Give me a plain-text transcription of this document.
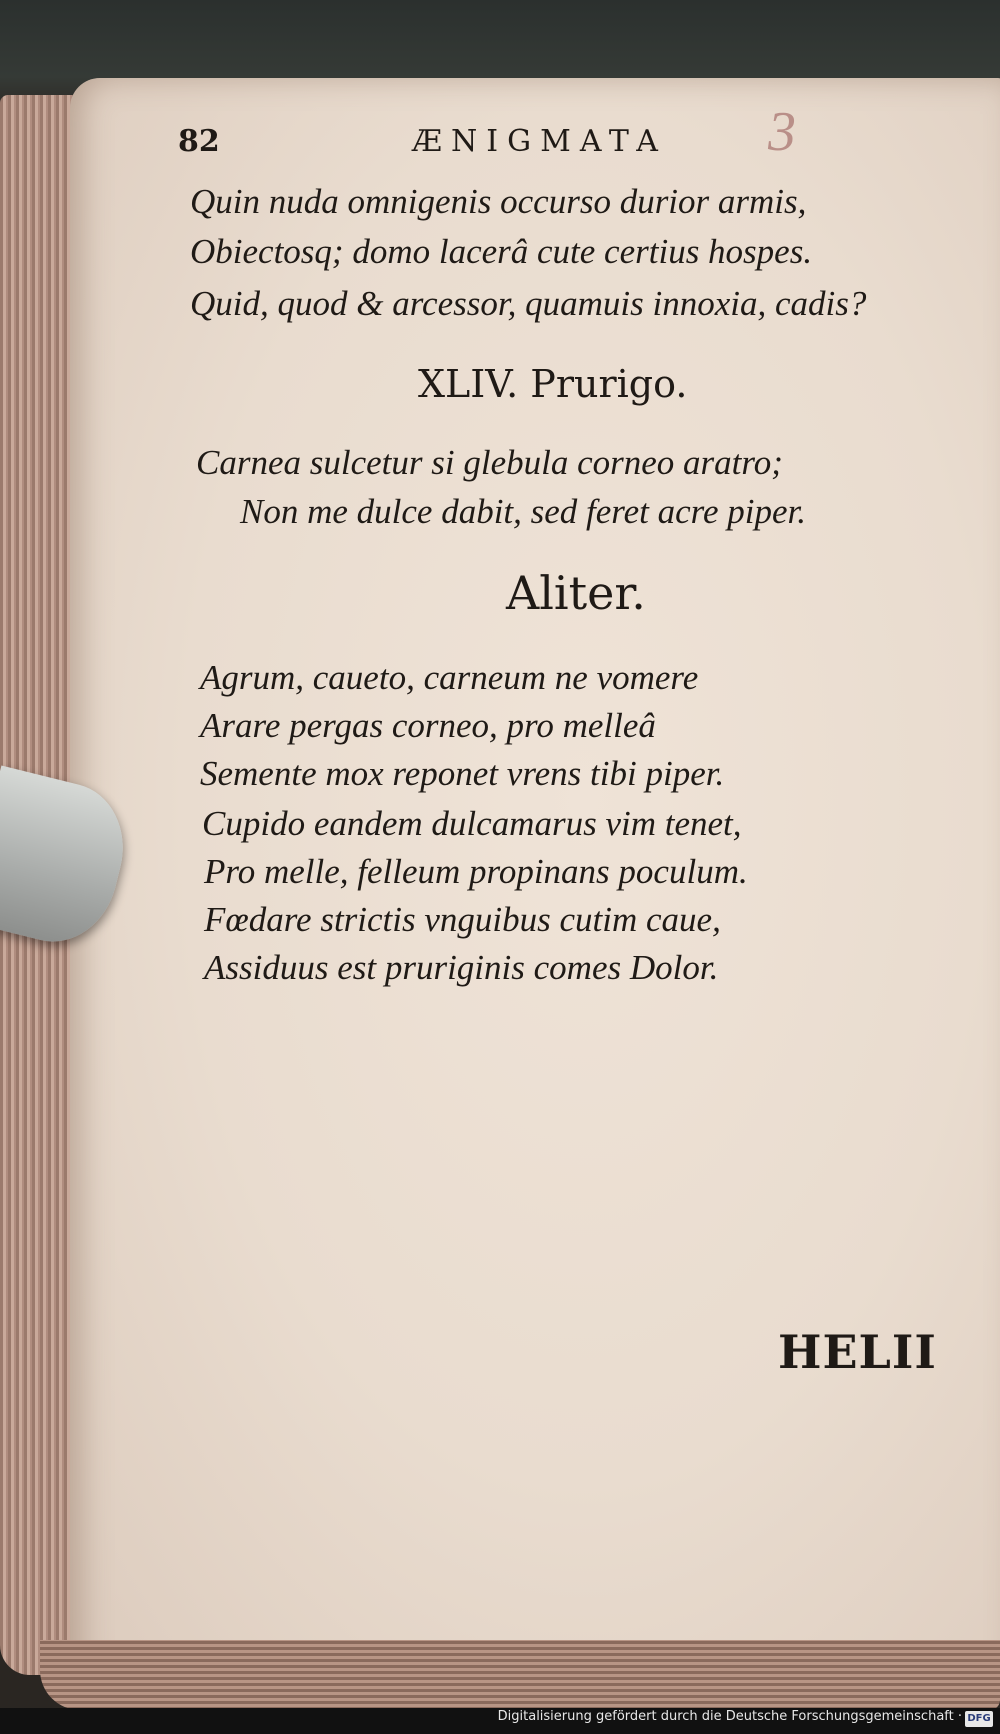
82	ÆNIGMATA 3
Quin nuda omnigenis occurso durior armis,
Obiectosq; domo lacerâ cute certius hospes.
Quid, quod & arcessor, quamuis innoxia, cadis?
XLIV. Prurigo.
Carnea sulcetur si glebula corneo aratro;
Non me dulce dabit, sed feret acre piper.
Aliter.
Agrum, caueto, carneum ne vomere
Arare pergas corneo, pro melleâ
Semente mox reponet vrens tibi piper.
Cupido eandem dulcamarus vim tenet,
Pro melle, felleum propinans poculum.
Fœdare strictis vnguibus cutim caue,
Assiduus est pruriginis comes Dolor.
HELII
Digitalisierung gefördert durch die Deutsche Forschungsgemeinschaft · DFG
